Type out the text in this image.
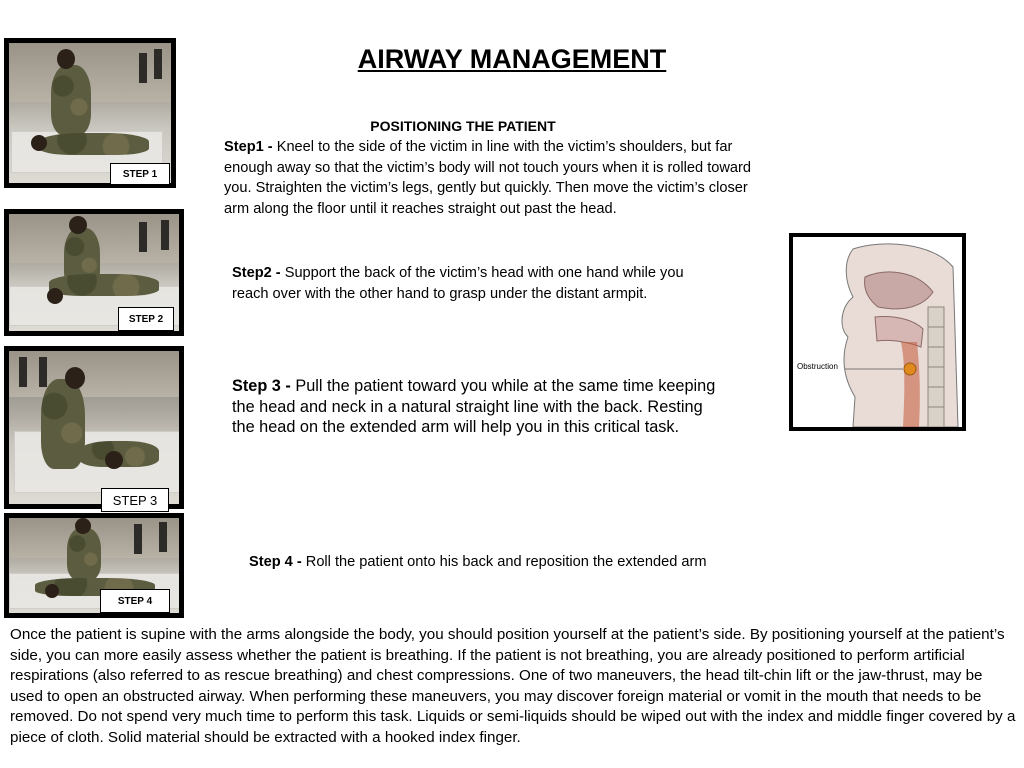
AIRWAY MANAGEMENT
POSITIONING THE PATIENT
Step1 - Kneel to the side of the victim in line with the victim’s shoulders, but far enough away so that the victim’s body will not touch yours when it is rolled toward you. Straighten the victim’s legs, gently but quickly. Then move the victim’s closer arm along the floor until it reaches straight out past the head.
Step2 - Support the back of the victim’s head with one hand while you reach over with the other hand to grasp under the distant armpit.
Step 3 - Pull the patient toward you while at the same time keeping the head and neck in a natural straight line with the back. Resting the head on the extended arm will help you in this critical task.
Step 4 - Roll the patient onto his back and reposition the extended arm
STEP 1
STEP 2
STEP 3
STEP 4
Obstruction
Once the patient is supine with the arms alongside the body, you should position yourself at the patient’s side. By positioning yourself at the patient’s side, you can more easily assess whether the patient is breathing. If the patient is not breathing, you are already positioned to perform artificial respirations (also referred to as rescue breathing) and chest compressions. One of two maneuvers, the head tilt-chin lift or the jaw-thrust, may be used to open an obstructed airway. When performing these maneuvers, you may discover foreign material or vomit in the mouth that needs to be removed. Do not spend very much time to perform this task. Liquids or semi-liquids should be wiped out with the index and middle finger covered by a piece of cloth. Solid material should be extracted with a hooked index finger.
